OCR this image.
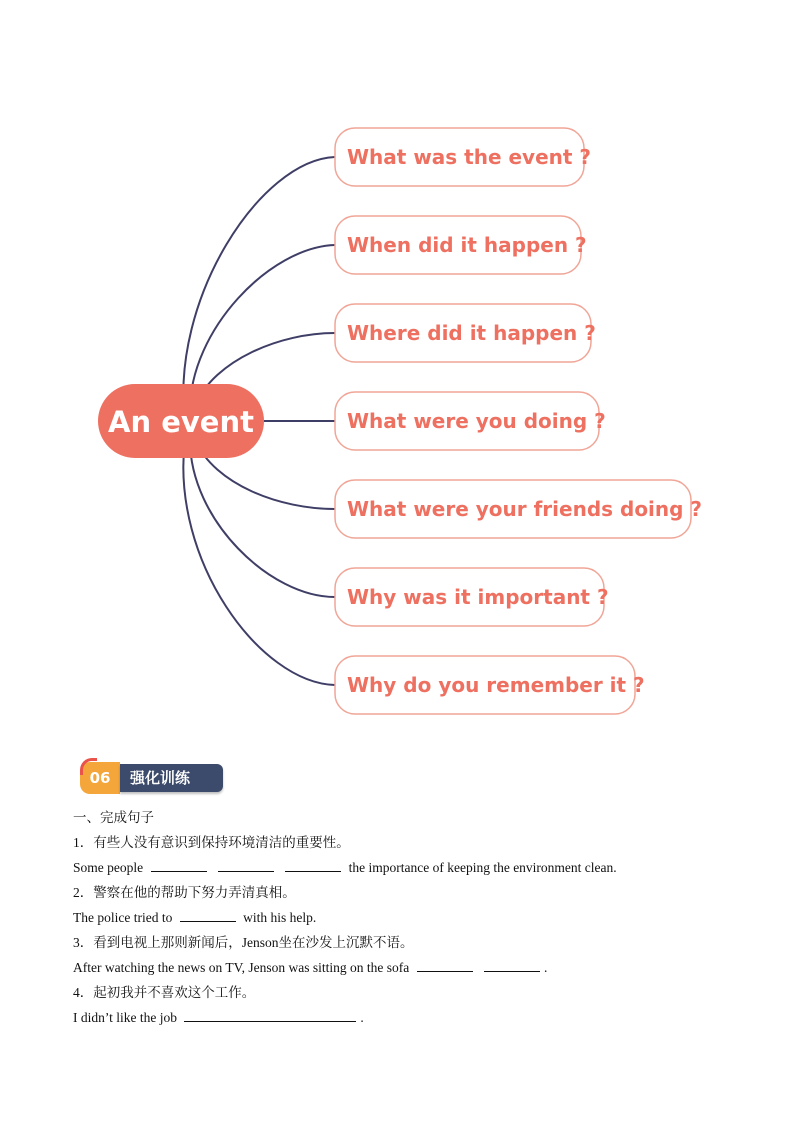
An event
What was the event ?
When did it happen ?
Where did it happen ?
What were you doing ?
What were your friends doing ?
Why was it important ?
Why do you remember it ?
06	强化训练
一、完成句子
1．有些人没有意识到保持环境清洁的重要性。
Some people	the importance of keeping the environment clean.
2．警察在他的帮助下努力弄清真相。
The police tried to	with his help.
3．看到电视上那则新闻后，Jenson坐在沙发上沉默不语。
After watching the news on TV, Jenson was sitting on the sofa	.
4．起初我并不喜欢这个工作。
I didn’t like the job	.
